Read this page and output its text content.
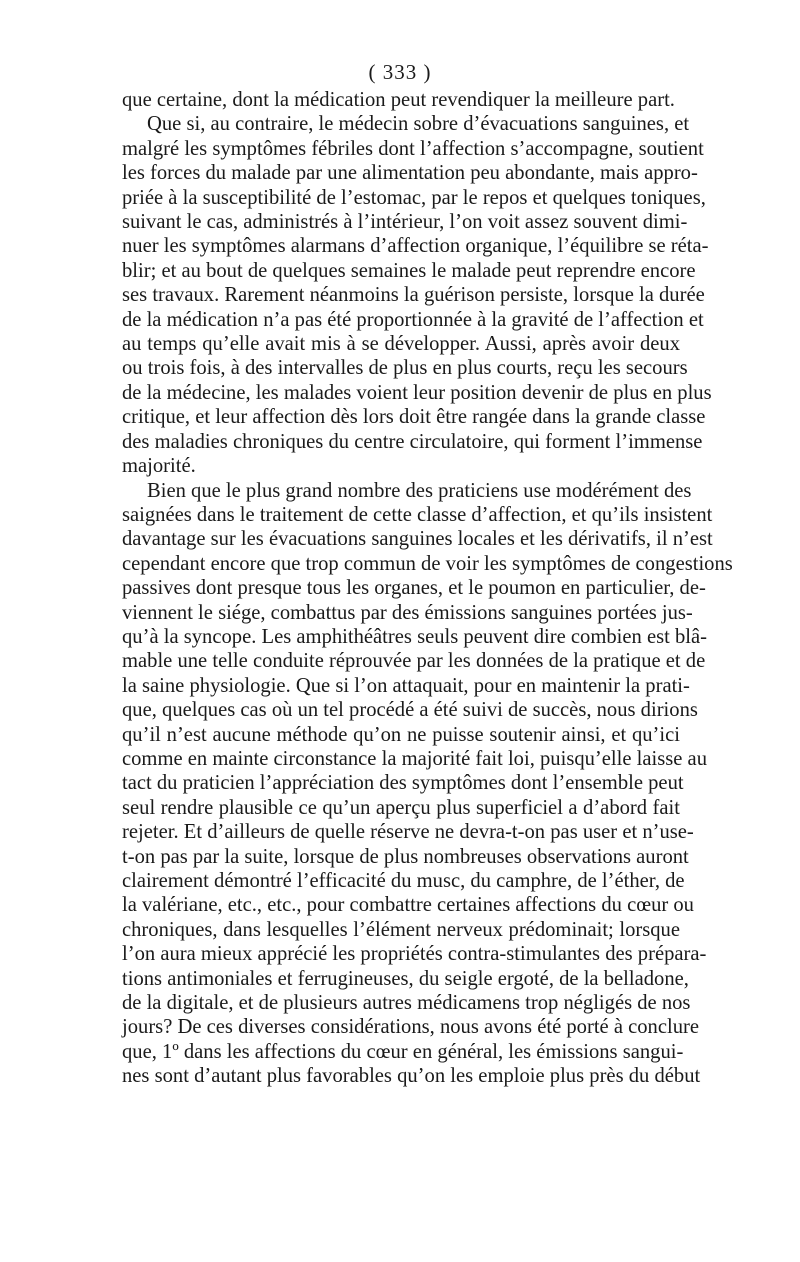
( 333 )
que certaine, dont la médication peut revendiquer la meilleure part.
Que si, au contraire, le médecin sobre d’évacuations sanguines, et
malgré les symptômes fébriles dont l’affection s’accompagne, soutient
les forces du malade par une alimentation peu abondante, mais appro-
priée à la susceptibilité de l’estomac, par le repos et quelques toniques,
suivant le cas, administrés à l’intérieur, l’on voit assez souvent dimi-
nuer les symptômes alarmans d’affection organique, l’équilibre se réta-
blir; et au bout de quelques semaines le malade peut reprendre encore
ses travaux. Rarement néanmoins la guérison persiste, lorsque la durée
de la médication n’a pas été proportionnée à la gravité de l’affection et
au temps qu’elle avait mis à se développer. Aussi, après avoir deux
ou trois fois, à des intervalles de plus en plus courts, reçu les secours
de la médecine, les malades voient leur position devenir de plus en plus
critique, et leur affection dès lors doit être rangée dans la grande classe
des maladies chroniques du centre circulatoire, qui forment l’immense
majorité.
Bien que le plus grand nombre des praticiens use modérément des
saignées dans le traitement de cette classe d’affection, et qu’ils insistent
davantage sur les évacuations sanguines locales et les dérivatifs, il n’est
cependant encore que trop commun de voir les symptômes de congestions
passives dont presque tous les organes, et le poumon en particulier, de-
viennent le siége, combattus par des émissions sanguines portées jus-
qu’à la syncope. Les amphithéâtres seuls peuvent dire combien est blâ-
mable une telle conduite réprouvée par les données de la pratique et de
la saine physiologie. Que si l’on attaquait, pour en maintenir la prati-
que, quelques cas où un tel procédé a été suivi de succès, nous dirions
qu’il n’est aucune méthode qu’on ne puisse soutenir ainsi, et qu’ici
comme en mainte circonstance la majorité fait loi, puisqu’elle laisse au
tact du praticien l’appréciation des symptômes dont l’ensemble peut
seul rendre plausible ce qu’un aperçu plus superficiel a d’abord fait
rejeter. Et d’ailleurs de quelle réserve ne devra-t-on pas user et n’use-
t-on pas par la suite, lorsque de plus nombreuses observations auront
clairement démontré l’efficacité du musc, du camphre, de l’éther, de
la valériane, etc., etc., pour combattre certaines affections du cœur ou
chroniques, dans lesquelles l’élément nerveux prédominait; lorsque
l’on aura mieux apprécié les propriétés contra-stimulantes des prépara-
tions antimoniales et ferrugineuses, du seigle ergoté, de la belladone,
de la digitale, et de plusieurs autres médicamens trop négligés de nos
jours? De ces diverses considérations, nous avons été porté à conclure
que, 1º dans les affections du cœur en général, les émissions sangui-
nes sont d’autant plus favorables qu’on les emploie plus près du début
